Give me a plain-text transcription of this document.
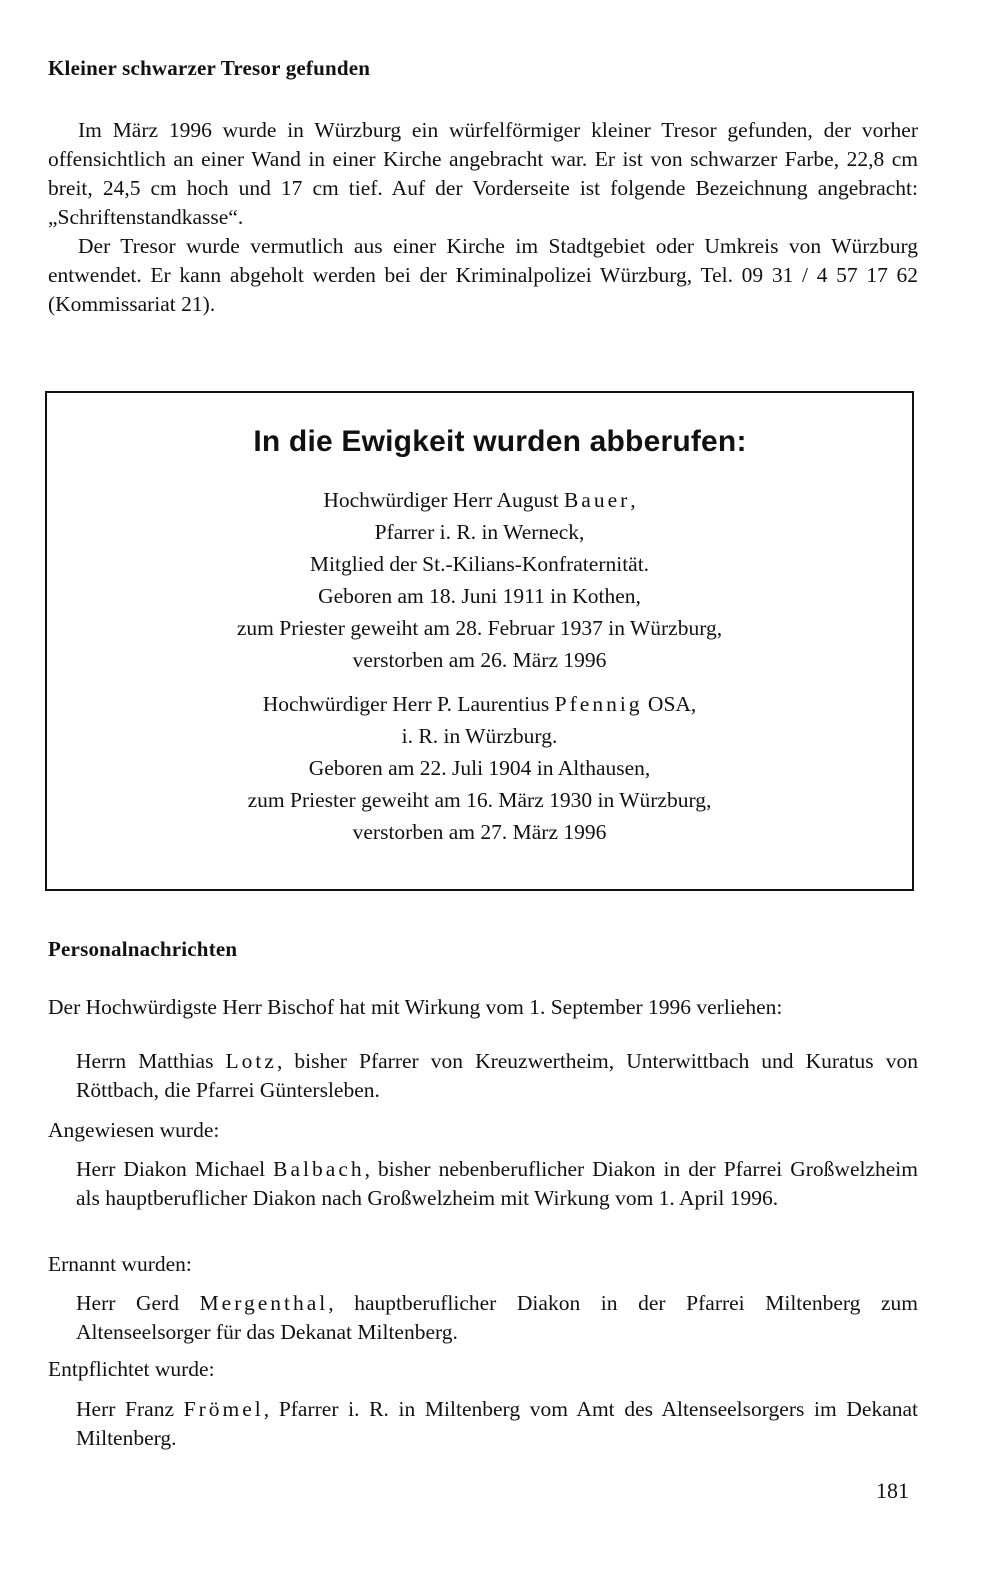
Kleiner schwarzer Tresor gefunden

Im März 1996 wurde in Würzburg ein würfelförmiger kleiner Tresor gefunden, der vorher offensichtlich an einer Wand in einer Kirche angebracht war. Er ist von schwarzer Farbe, 22,8 cm breit, 24,5 cm hoch und 17 cm tief. Auf der Vorderseite ist folgende Bezeichnung angebracht: „Schriftenstandkasse“.

Der Tresor wurde vermutlich aus einer Kirche im Stadtgebiet oder Umkreis von Würzburg entwendet. Er kann abgeholt werden bei der Kriminalpolizei Würzburg, Tel. 09 31 / 4 57 17 62 (Kommissariat 21).

In die Ewigkeit wurden abberufen:
Hochwürdiger Herr August Bauer,
Pfarrer i. R. in Werneck,
Mitglied der St.-Kilians-Konfraternität.
Geboren am 18. Juni 1911 in Kothen,
zum Priester geweiht am 28. Februar 1937 in Würzburg,
verstorben am 26. März 1996
Hochwürdiger Herr P. Laurentius Pfennig OSA,
i. R. in Würzburg.
Geboren am 22. Juli 1904 in Althausen,
zum Priester geweiht am 16. März 1930 in Würzburg,
verstorben am 27. März 1996
Personalnachrichten
Der Hochwürdigste Herr Bischof hat mit Wirkung vom 1. September 1996 verliehen:
Herrn Matthias Lotz, bisher Pfarrer von Kreuzwertheim, Unterwittbach und Kuratus von Röttbach, die Pfarrei Güntersleben.
Angewiesen wurde:
Herr Diakon Michael Balbach, bisher nebenberuflicher Diakon in der Pfarrei Großwelzheim als hauptberuflicher Diakon nach Großwelzheim mit Wirkung vom 1. April 1996.
Ernannt wurden:
Herr Gerd Mergenthal, hauptberuflicher Diakon in der Pfarrei Miltenberg zum Altenseelsorger für das Dekanat Miltenberg.
Entpflichtet wurde:
Herr Franz Frömel, Pfarrer i. R. in Miltenberg vom Amt des Altenseelsorgers im Dekanat Miltenberg.
181
